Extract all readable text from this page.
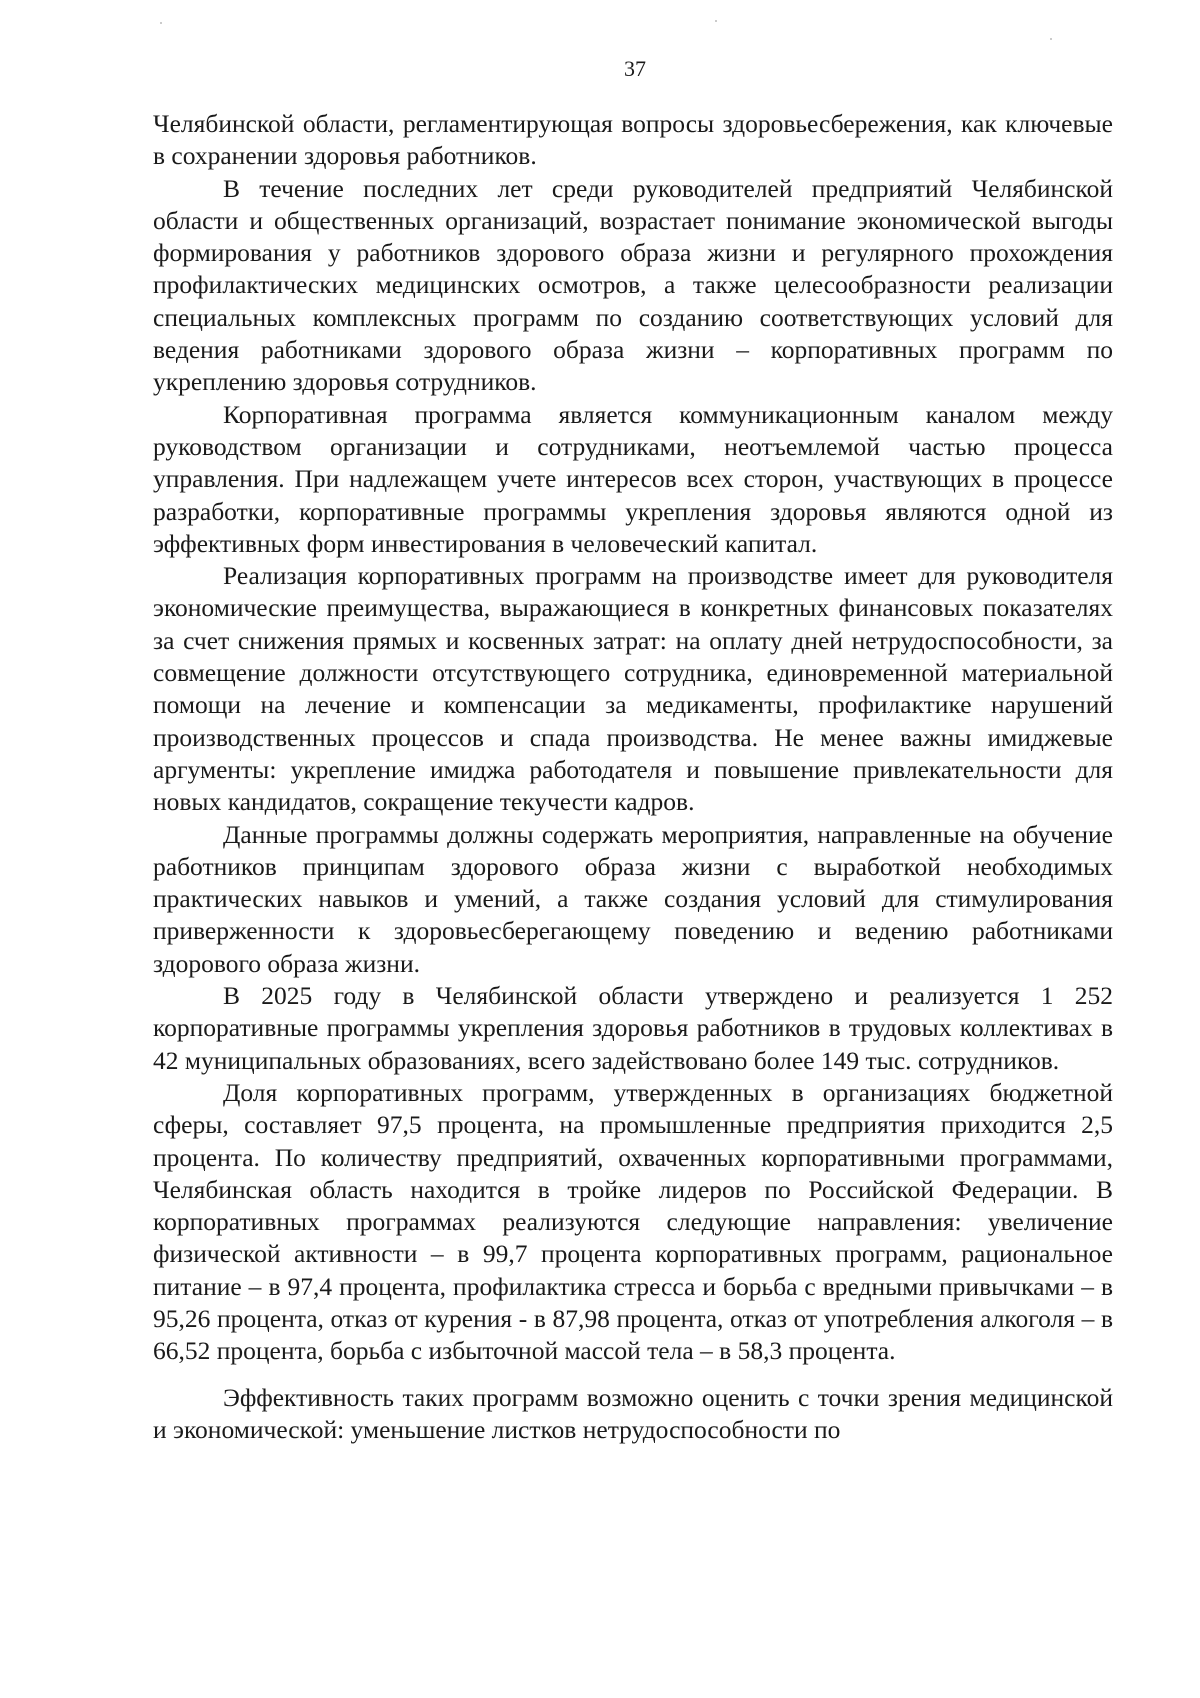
37

Челябинской области, регламентирующая вопросы здоровьесбережения, как ключевые в сохранении здоровья работников.

В течение последних лет среди руководителей предприятий Челябинской области и общественных организаций, возрастает понимание экономической выгоды формирования у работников здорового образа жизни и регулярного прохождения профилактических медицинских осмотров, а также целесообразности реализации специальных комплексных программ по созданию соответствующих условий для ведения работниками здорового образа жизни – корпоративных программ по укреплению здоровья сотрудников.

Корпоративная программа является коммуникационным каналом между руководством организации и сотрудниками, неотъемлемой частью процесса управления. При надлежащем учете интересов всех сторон, участвующих в процессе разработки, корпоративные программы укрепления здоровья являются одной из эффективных форм инвестирования в человеческий капитал.

Реализация корпоративных программ на производстве имеет для руководителя экономические преимущества, выражающиеся в конкретных финансовых показателях за счет снижения прямых и косвенных затрат: на оплату дней нетрудоспособности, за совмещение должности отсутствующего сотрудника, единовременной материальной помощи на лечение и компенсации за медикаменты, профилактике нарушений производственных процессов и спада производства. Не менее важны имиджевые аргументы: укрепление имиджа работодателя и повышение привлекательности для новых кандидатов, сокращение текучести кадров.

Данные программы должны содержать мероприятия, направленные на обучение работников принципам здорового образа жизни с выработкой необходимых практических навыков и умений, а также создания условий для стимулирования приверженности к здоровьесберегающему поведению и ведению работниками здорового образа жизни.

В 2025 году в Челябинской области утверждено и реализуется 1 252 корпоративные программы укрепления здоровья работников в трудовых коллективах в 42 муниципальных образованиях, всего задействовано более 149 тыс. сотрудников.

Доля корпоративных программ, утвержденных в организациях бюджетной сферы, составляет 97,5 процента, на промышленные предприятия приходится 2,5 процента. По количеству предприятий, охваченных корпоративными программами, Челябинская область находится в тройке лидеров по Российской Федерации. В корпоративных программах реализуются следующие направления: увеличение физической активности – в 99,7 процента корпоративных программ, рациональное питание – в 97,4 процента, профилактика стресса и борьба с вредными привычками – в 95,26 процента, отказ от курения - в 87,98 процента, отказ от употребления алкоголя – в 66,52 процента, борьба с избыточной массой тела – в 58,3 процента.

Эффективность таких программ возможно оценить с точки зрения медицинской и экономической: уменьшение листков нетрудоспособности по
